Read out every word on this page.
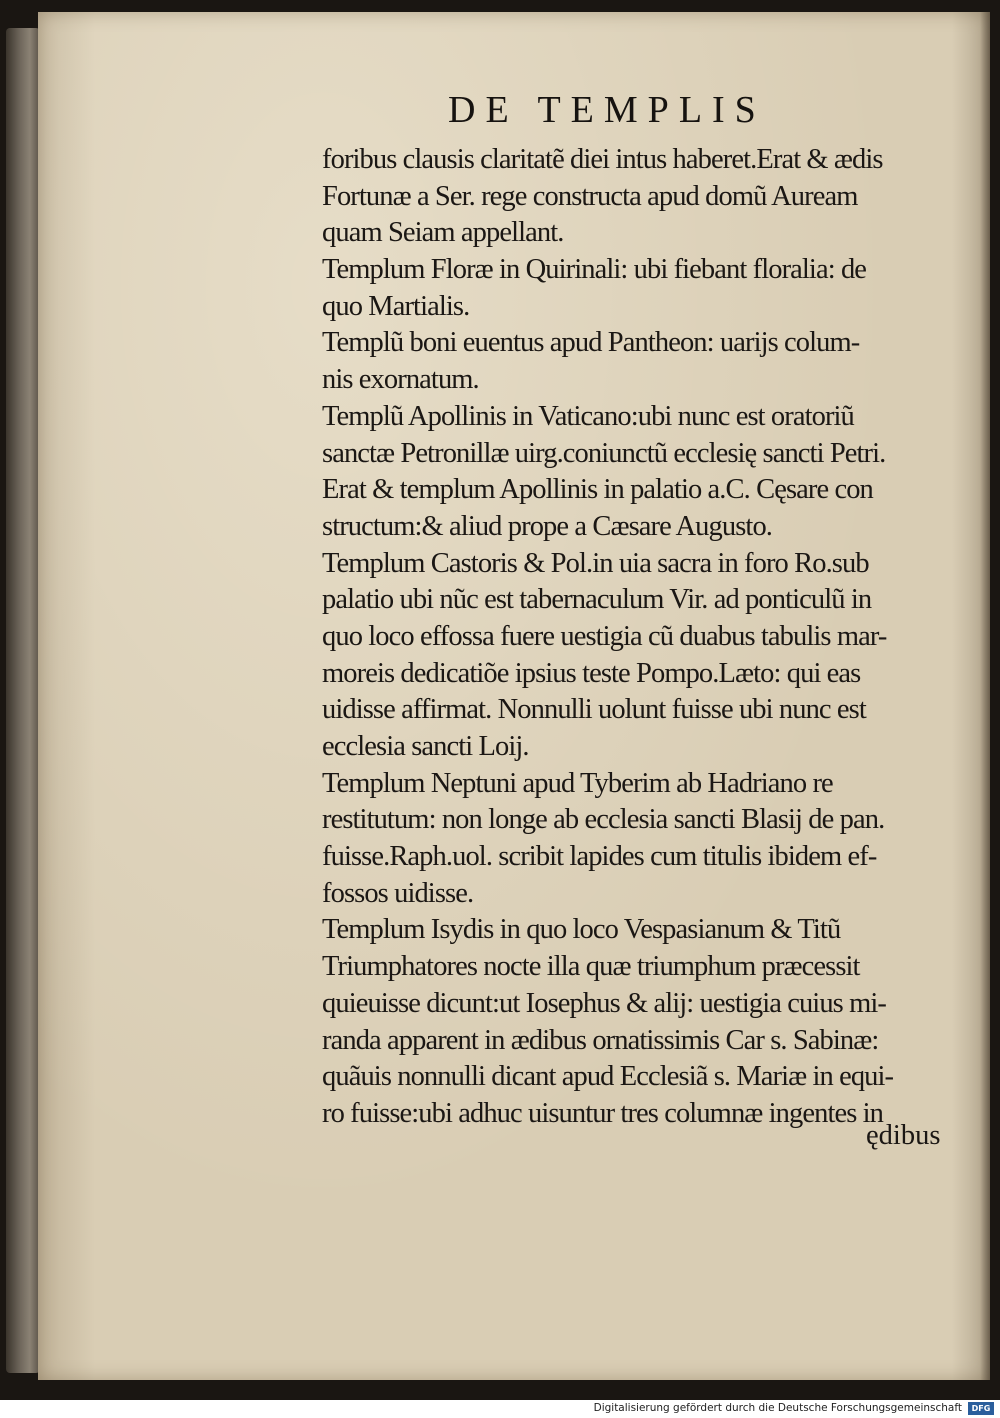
DE TEMPLIS
foribus clausis claritatẽ diei intus haberet.Erat & ædis
Fortunæ a Ser. rege constructa apud domũ Auream
quam Seiam appellant.
Templum Floræ in Quirinali: ubi fiebant floralia: de
quo Martialis.
Templũ boni euentus apud Pantheon: uarijs colum-
nis exornatum.
Templũ Apollinis in Vaticano:ubi nunc est oratoriũ
sanctæ Petronillæ uirg.coniunctũ ecclesię sancti Petri.
Erat & templum Apollinis in palatio a.C. Cęsare con
structum:& aliud prope a Cæsare Augusto.
Templum Castoris & Pol.in uia sacra in foro Ro.sub
palatio ubi nũc est tabernaculum Vir. ad ponticulũ in
quo loco effossa fuere uestigia cũ duabus tabulis mar-
moreis dedicatiõe ipsius teste Pompo.Læto: qui eas
uidisse affirmat. Nonnulli uolunt fuisse ubi nunc est
ecclesia sancti Loij.
Templum Neptuni apud Tyberim ab Hadriano re
restitutum: non longe ab ecclesia sancti Blasij de pan.
fuisse.Raph.uol. scribit lapides cum titulis ibidem ef-
fossos uidisse.
Templum Isydis in quo loco Vespasianum & Titũ
Triumphatores nocte illa quæ triumphum præcessit
quieuisse dicunt:ut Iosephus & alij: uestigia cuius mi-
randa apparent in ædibus ornatissimis Car s. Sabinæ:
quãuis nonnulli dicant apud Ecclesiã s. Mariæ in equi-
ro fuisse:ubi adhuc uisuntur tres columnæ ingentes in
ędibus
Digitalisierung gefördert durch die Deutsche Forschungsgemeinschaft	DFG
